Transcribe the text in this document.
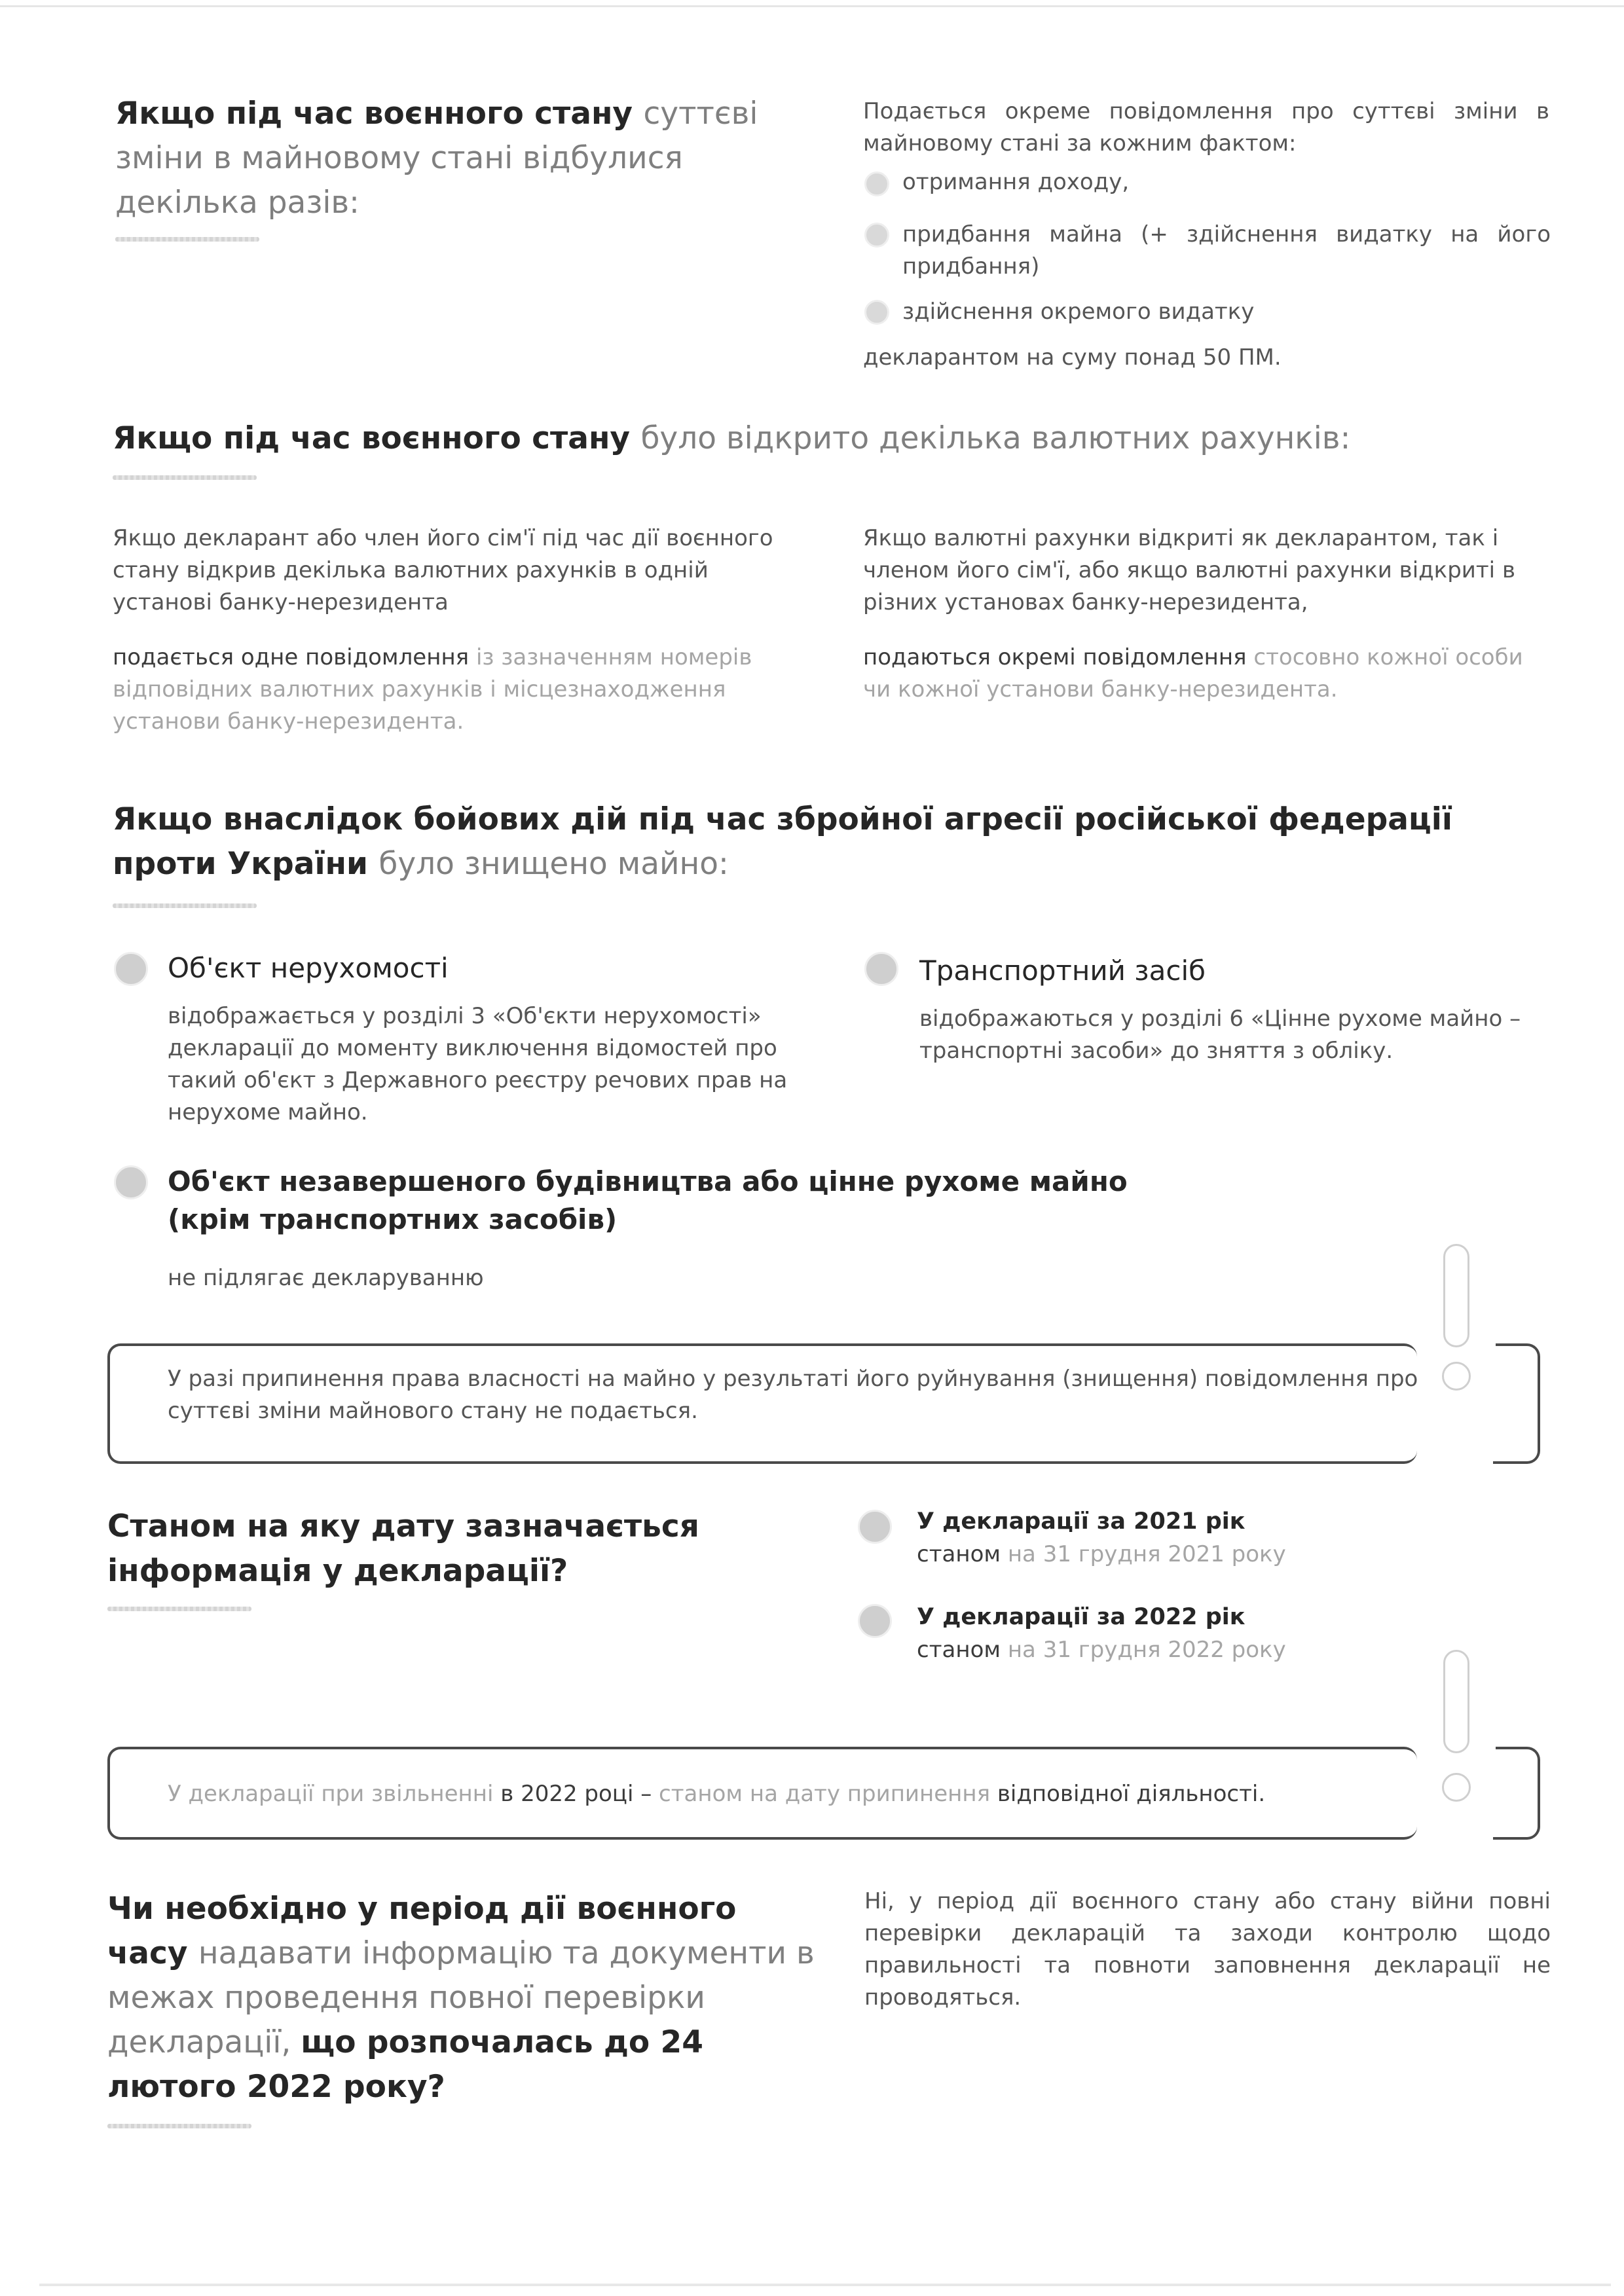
Якщо під час воєнного стану суттєві зміни в майновому стані відбулися декілька разів:
Подається окреме повідомлення про суттєві зміни в майновому стані за кожним фактом:
отримання доходу,
придбання майна (+ здійснення видатку на його придбання)
здійснення окремого видатку
декларантом на суму понад 50 ПМ.
Якщо під час воєнного стану було відкрито декілька валютних рахунків:
Якщо декларант або член його сім'ї під час дії воєнного стану відкрив декілька валютних рахунків в одній установі банку-нерезидента
подається одне повідомлення із зазначенням номерів відповідних валютних рахунків і місцезнаходження установи банку-нерезидента.
Якщо валютні рахунки відкриті як декларантом, так і членом його сім'ї, або якщо валютні рахунки відкриті в різних установах банку-нерезидента,
подаються окремі повідомлення стосовно кожної особи чи кожної установи банку-нерезидента.
Якщо внаслідок бойових дій під час збройної агресії російської федерації проти України було знищено майно:
Об'єкт нерухомості
відображається у розділі 3 «Об'єкти нерухомості» декларації до моменту виключення відомостей про такий об'єкт з Державного реєстру речових прав на нерухоме майно.
Транспортний засіб
відображаються у розділі 6 «Цінне рухоме майно – транспортні засоби» до зняття з обліку.
Об'єкт незавершеного будівництва або цінне рухоме майно (крім транспортних засобів)
не підлягає декларуванню
У разі припинення права власності на майно у результаті його руйнування (знищення) повідомлення про суттєві зміни майнового стану не подається.
Станом на яку дату зазначається інформація у декларації?
У декларації за 2021 рік
станом на 31 грудня 2021 року
У декларації за 2022 рік
станом на 31 грудня 2022 року
У декларації при звільненні в 2022 році – станом на дату припинення відповідної діяльності.
Чи необхідно у період дії воєнного часу надавати інформацію та документи в межах проведення повної перевірки декларації, що розпочалась до 24 лютого 2022 року?
Ні, у період дії воєнного стану або стану війни повні перевірки декларацій та заходи контролю щодо правильності та повноти заповнення декларації не проводяться.
